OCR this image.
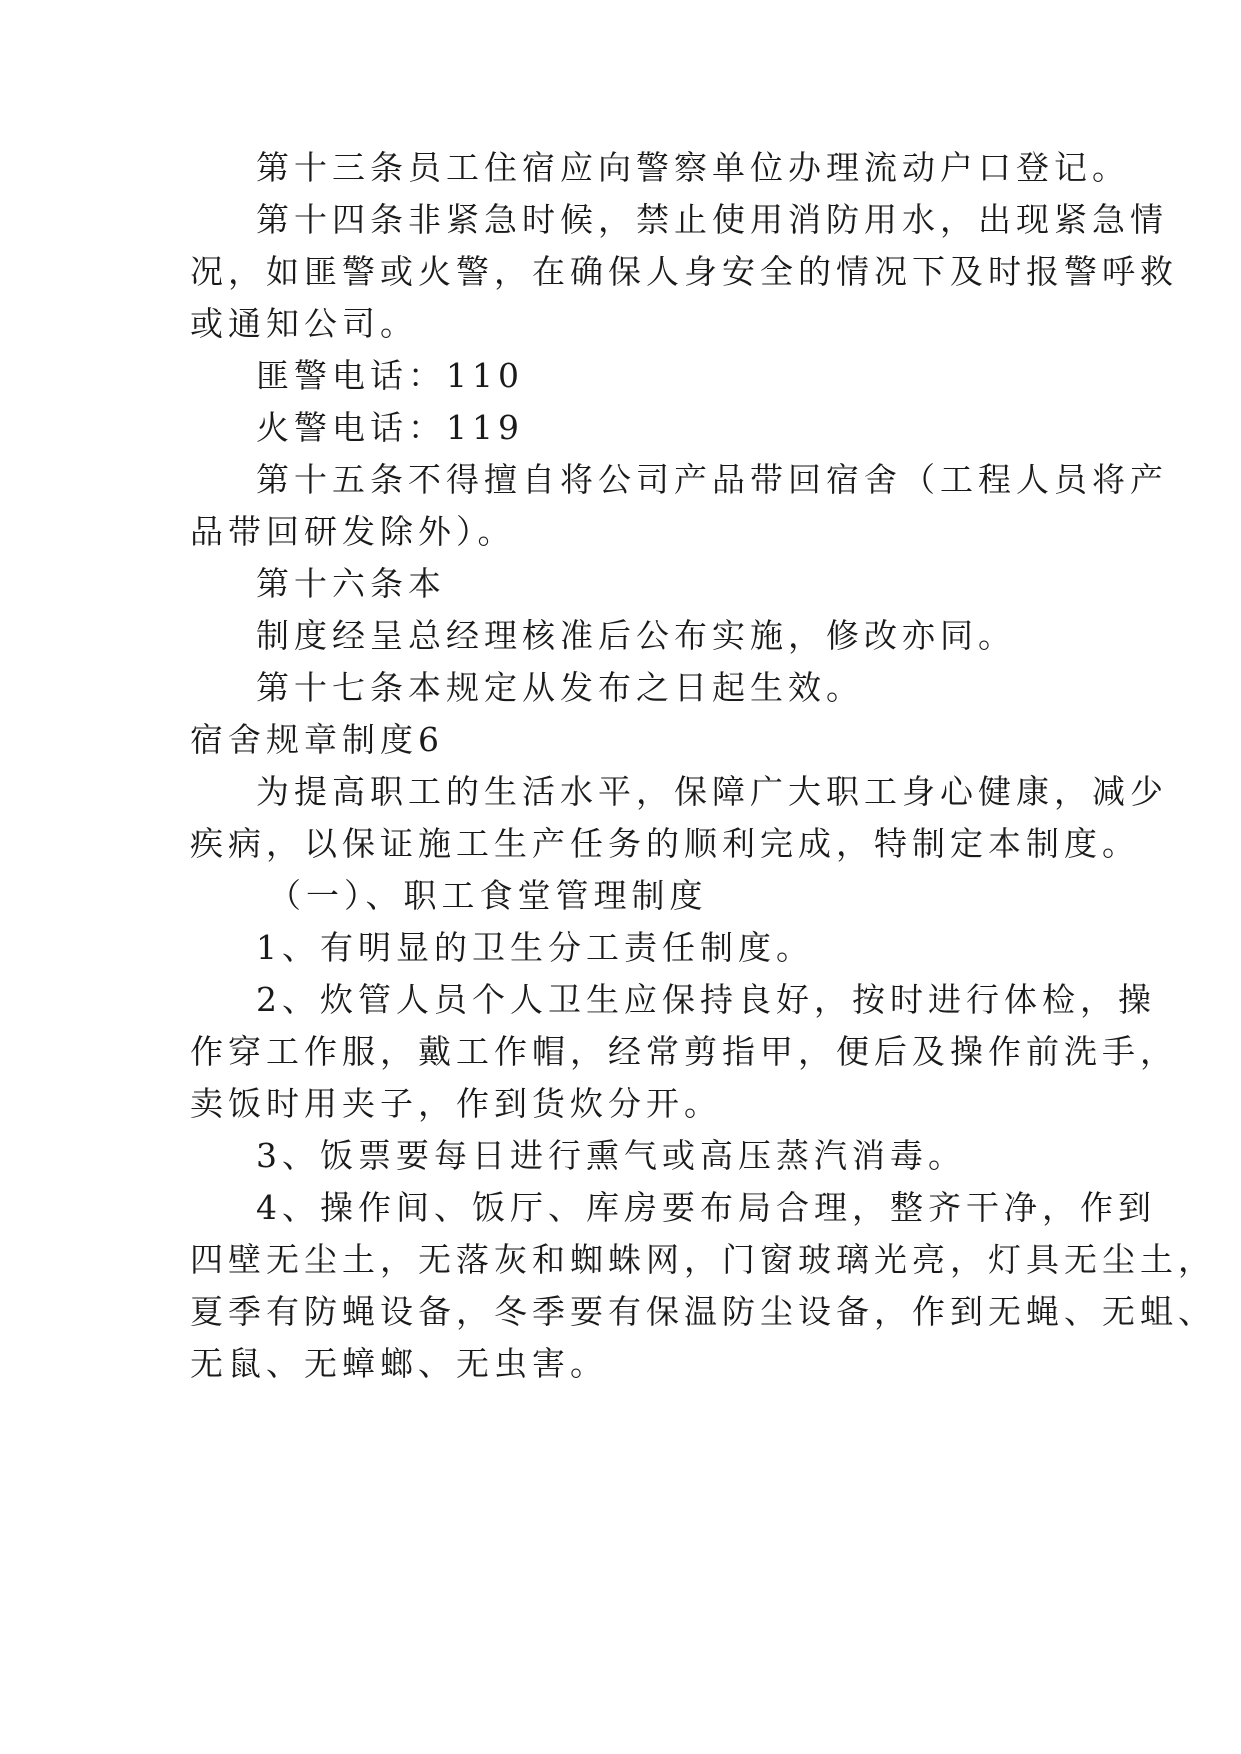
第十三条员工住宿应向警察单位办理流动户口登记。

第十四条非紧急时候，禁止使用消防用水，出现紧急情

况，如匪警或火警，在确保人身安全的情况下及时报警呼救

或通知公司。

匪警电话：110

火警电话：119

第十五条不得擅自将公司产品带回宿舍（工程人员将产

品带回研发除外）。

第十六条本

制度经呈总经理核准后公布实施，修改亦同。

第十七条本规定从发布之日起生效。

宿舍规章制度6

为提高职工的生活水平，保障广大职工身心健康，减少

疾病，以保证施工生产任务的顺利完成，特制定本制度。

（一）、职工食堂管理制度

1、有明显的卫生分工责任制度。

2、炊管人员个人卫生应保持良好，按时进行体检，操

作穿工作服，戴工作帽，经常剪指甲，便后及操作前洗手，

卖饭时用夹子，作到货炊分开。

3、饭票要每日进行熏气或高压蒸汽消毒。

4、操作间、饭厅、库房要布局合理，整齐干净，作到

四壁无尘土，无落灰和蜘蛛网，门窗玻璃光亮，灯具无尘土，

夏季有防蝇设备，冬季要有保温防尘设备，作到无蝇、无蛆、

无鼠、无蟑螂、无虫害。
